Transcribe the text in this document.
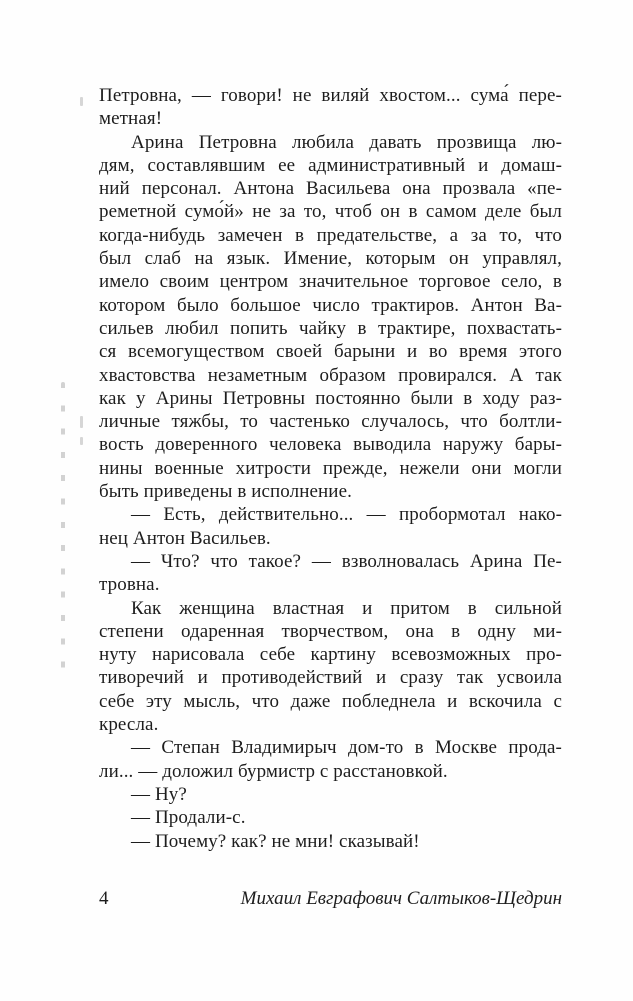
Петровна, — говори! не виляй хвостом... сума́ пере-
метная!
Арина Петровна любила давать прозвища лю-
дям, составлявшим ее административный и домаш-
ний персонал. Антона Васильева она прозвала «пе-
реметной сумо́й» не за то, чтоб он в самом деле был
когда-нибудь замечен в предательстве, а за то, что
был слаб на язык. Имение, которым он управлял,
имело своим центром значительное торговое село, в
котором было большое число трактиров. Антон Ва-
сильев любил попить чайку в трактире, похвастать-
ся всемогуществом своей барыни и во время этого
хвастовства незаметным образом провирался. А так
как у Арины Петровны постоянно были в ходу раз-
личные тяжбы, то частенько случалось, что болтли-
вость доверенного человека выводила наружу бары-
нины военные хитрости прежде, нежели они могли
быть приведены в исполнение.
— Есть, действительно... — пробормотал нако-
нец Антон Васильев.
— Что? что такое? — взволновалась Арина Пе-
тровна.
Как женщина властная и притом в сильной
степени одаренная творчеством, она в одну ми-
нуту нарисовала себе картину всевозможных про-
тиворечий и противодействий и сразу так усвоила
себе эту мысль, что даже побледнела и вскочила с
кресла.
— Степан Владимирыч дом-то в Москве прода-
ли... — доложил бурмистр с расстановкой.
— Ну?
— Продали-с.
— Почему? как? не мни! сказывай!
4	Михаил Евграфович Салтыков-Щедрин
